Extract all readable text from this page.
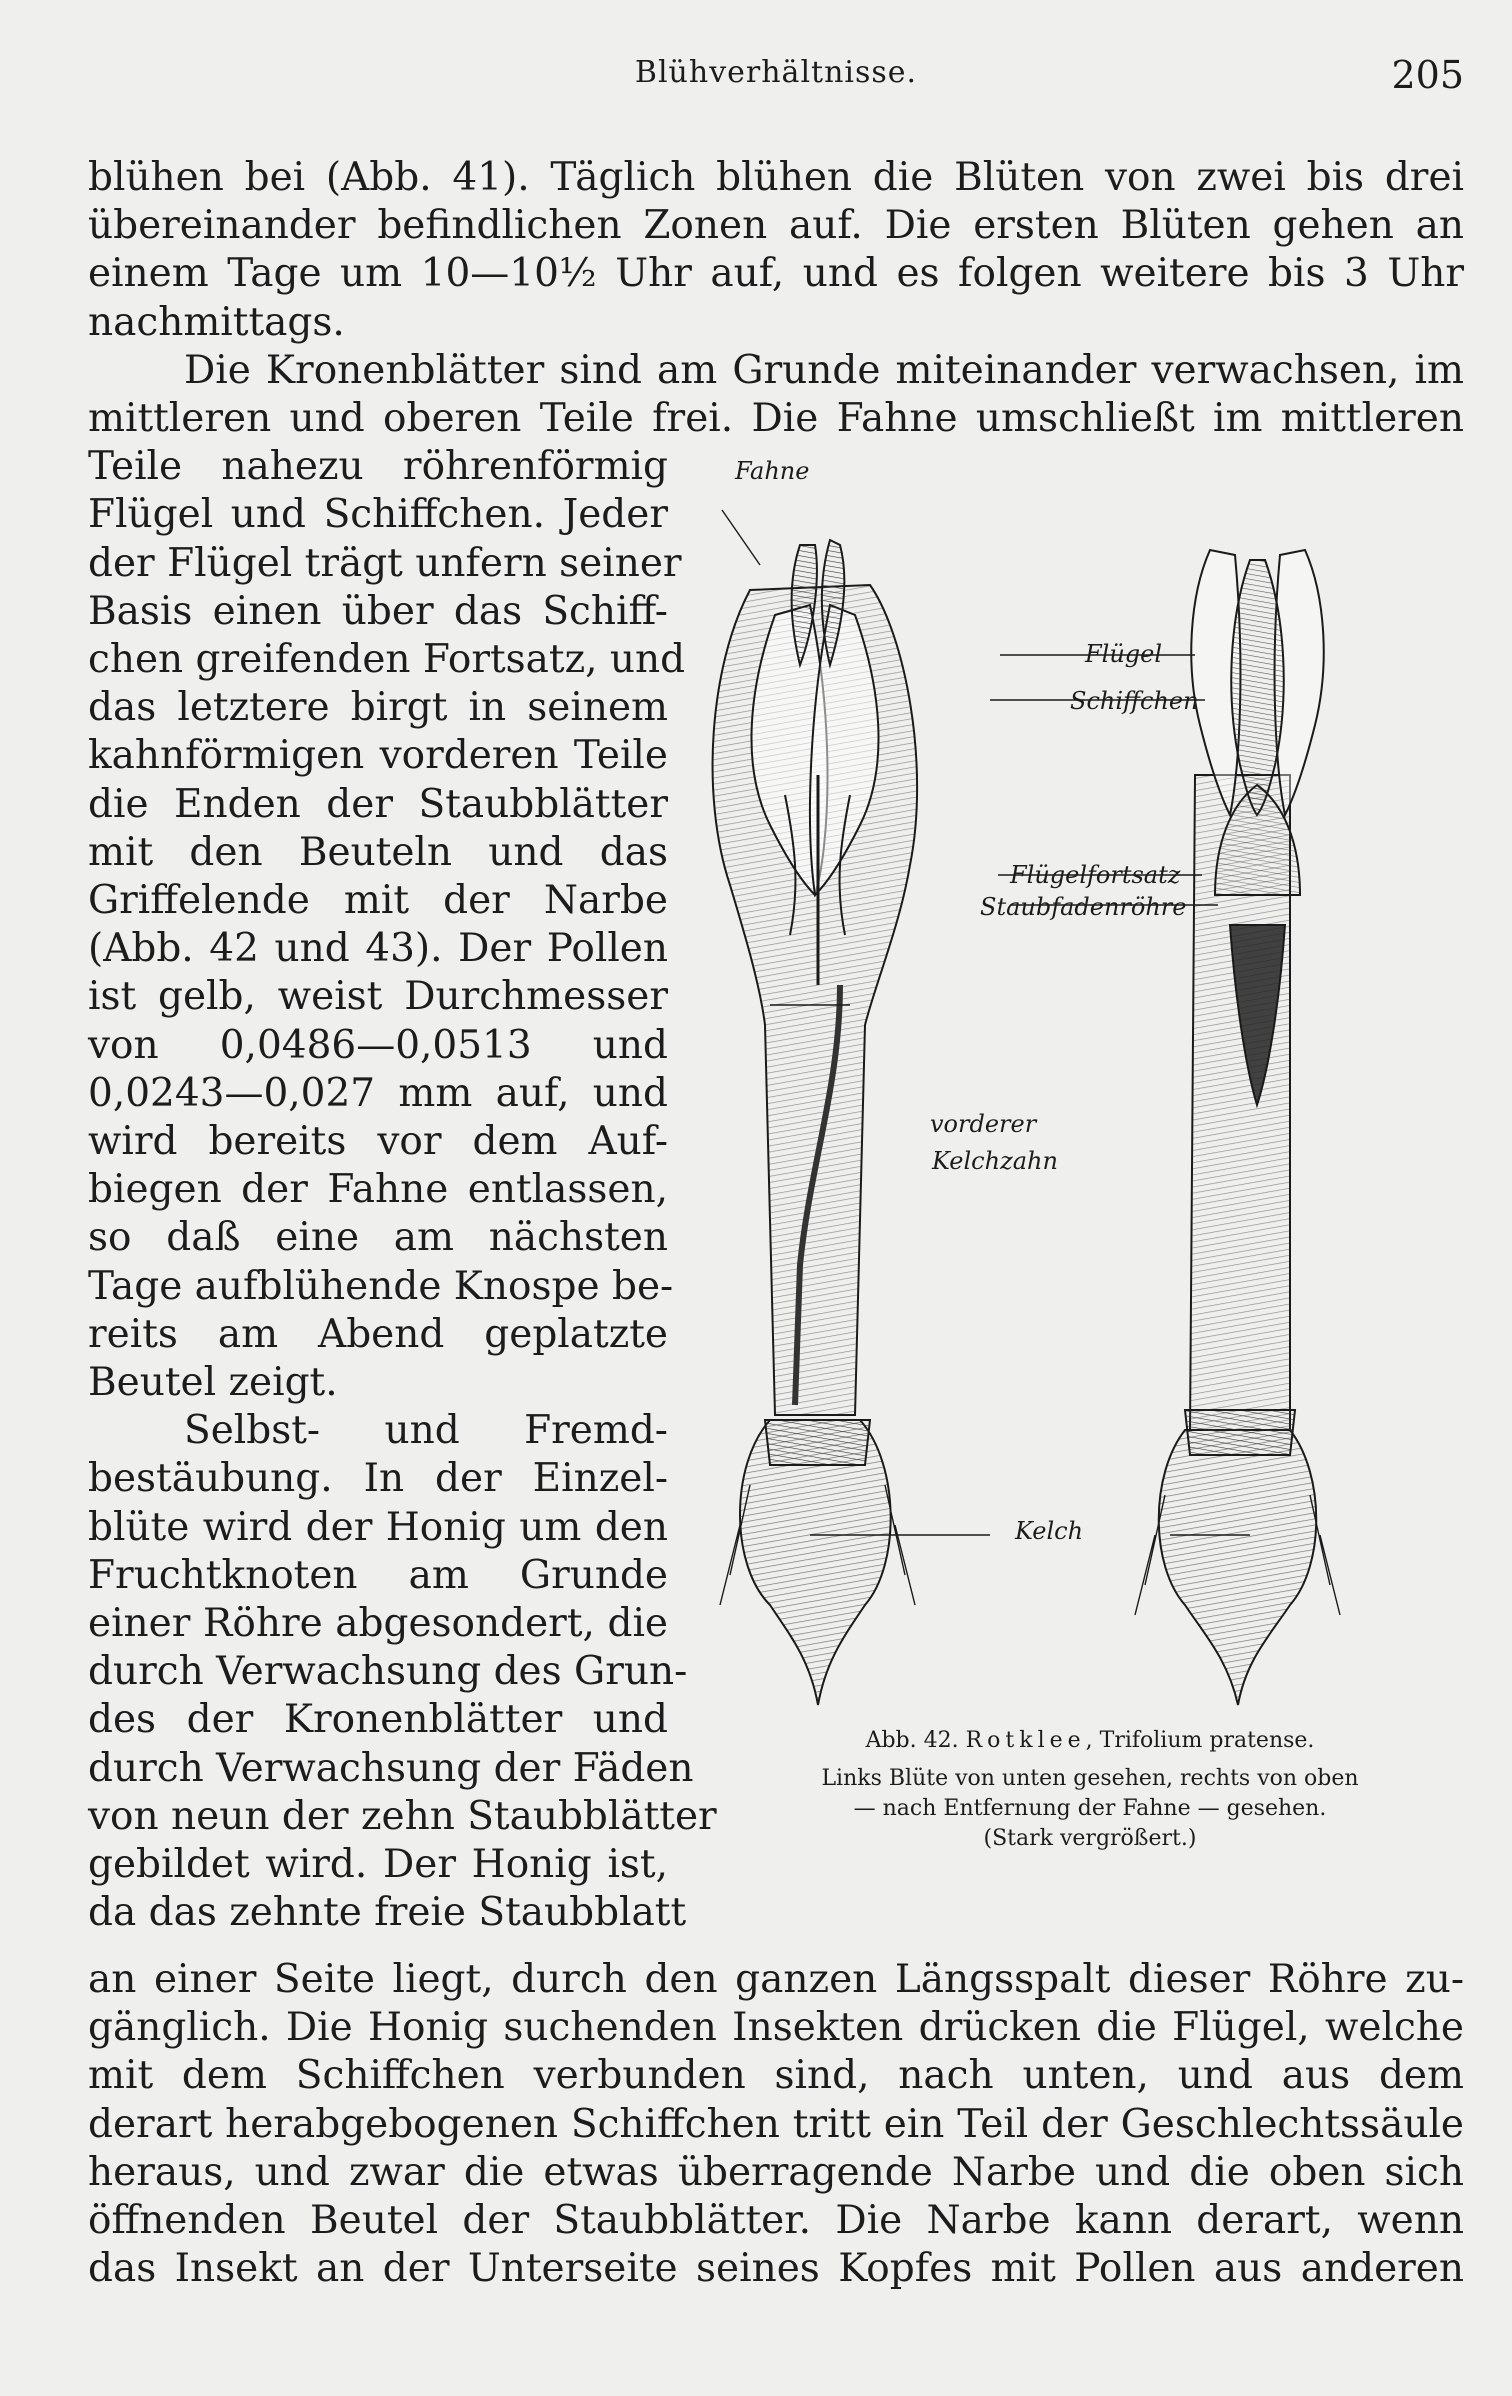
Blühverhältnisse.	205
blühen bei (Abb. 41). Täglich blühen die Blüten von zwei bis drei
übereinander befindlichen Zonen auf. Die ersten Blüten gehen an
einem Tage um 10—10½ Uhr auf, und es folgen weitere bis 3 Uhr
nachmittags.
Die Kronenblätter sind am Grunde miteinander verwachsen, im
mittleren und oberen Teile frei. Die Fahne umschließt im mittleren
Teile nahezu röhrenförmig
Flügel und Schiffchen. Jeder
der Flügel trägt unfern seiner
Basis einen über das Schiff-
chen greifenden Fortsatz, und
das letztere birgt in seinem
kahnförmigen vorderen Teile
die Enden der Staubblätter
mit den Beuteln und das
Griffelende mit der Narbe
(Abb. 42 und 43). Der Pollen
ist gelb, weist Durchmesser
von 0,0486—0,0513 und
0,0243—0,027 mm auf, und
wird bereits vor dem Auf-
biegen der Fahne entlassen,
so daß eine am nächsten
Tage aufblühende Knospe be-
reits am Abend geplatzte
Beutel zeigt.
Selbst- und Fremd-
bestäubung. In der Einzel-
blüte wird der Honig um den
Fruchtknoten am Grunde
einer Röhre abgesondert, die
durch Verwachsung des Grun-
des der Kronenblätter und
durch Verwachsung der Fäden
von neun der zehn Staubblätter
gebildet wird. Der Honig ist,
da das zehnte freie Staubblatt
an einer Seite liegt, durch den ganzen Längsspalt dieser Röhre zu-
gänglich. Die Honig suchenden Insekten drücken die Flügel, welche
mit dem Schiffchen verbunden sind, nach unten, und aus dem
derart herabgebogenen Schiffchen tritt ein Teil der Geschlechtssäule
heraus, und zwar die etwas überragende Narbe und die oben sich
öffnenden Beutel der Staubblätter. Die Narbe kann derart, wenn
das Insekt an der Unterseite seines Kopfes mit Pollen aus anderen
Fahne
Flügel
Schiffchen
Flügelfortsatz
Staubfadenröhre
vorderer
Kelchzahn
Kelch
Abb. 42. Rotklee, Trifolium pratense.
Links Blüte von unten gesehen, rechts von oben
— nach Entfernung der Fahne — gesehen.
(Stark vergrößert.)
